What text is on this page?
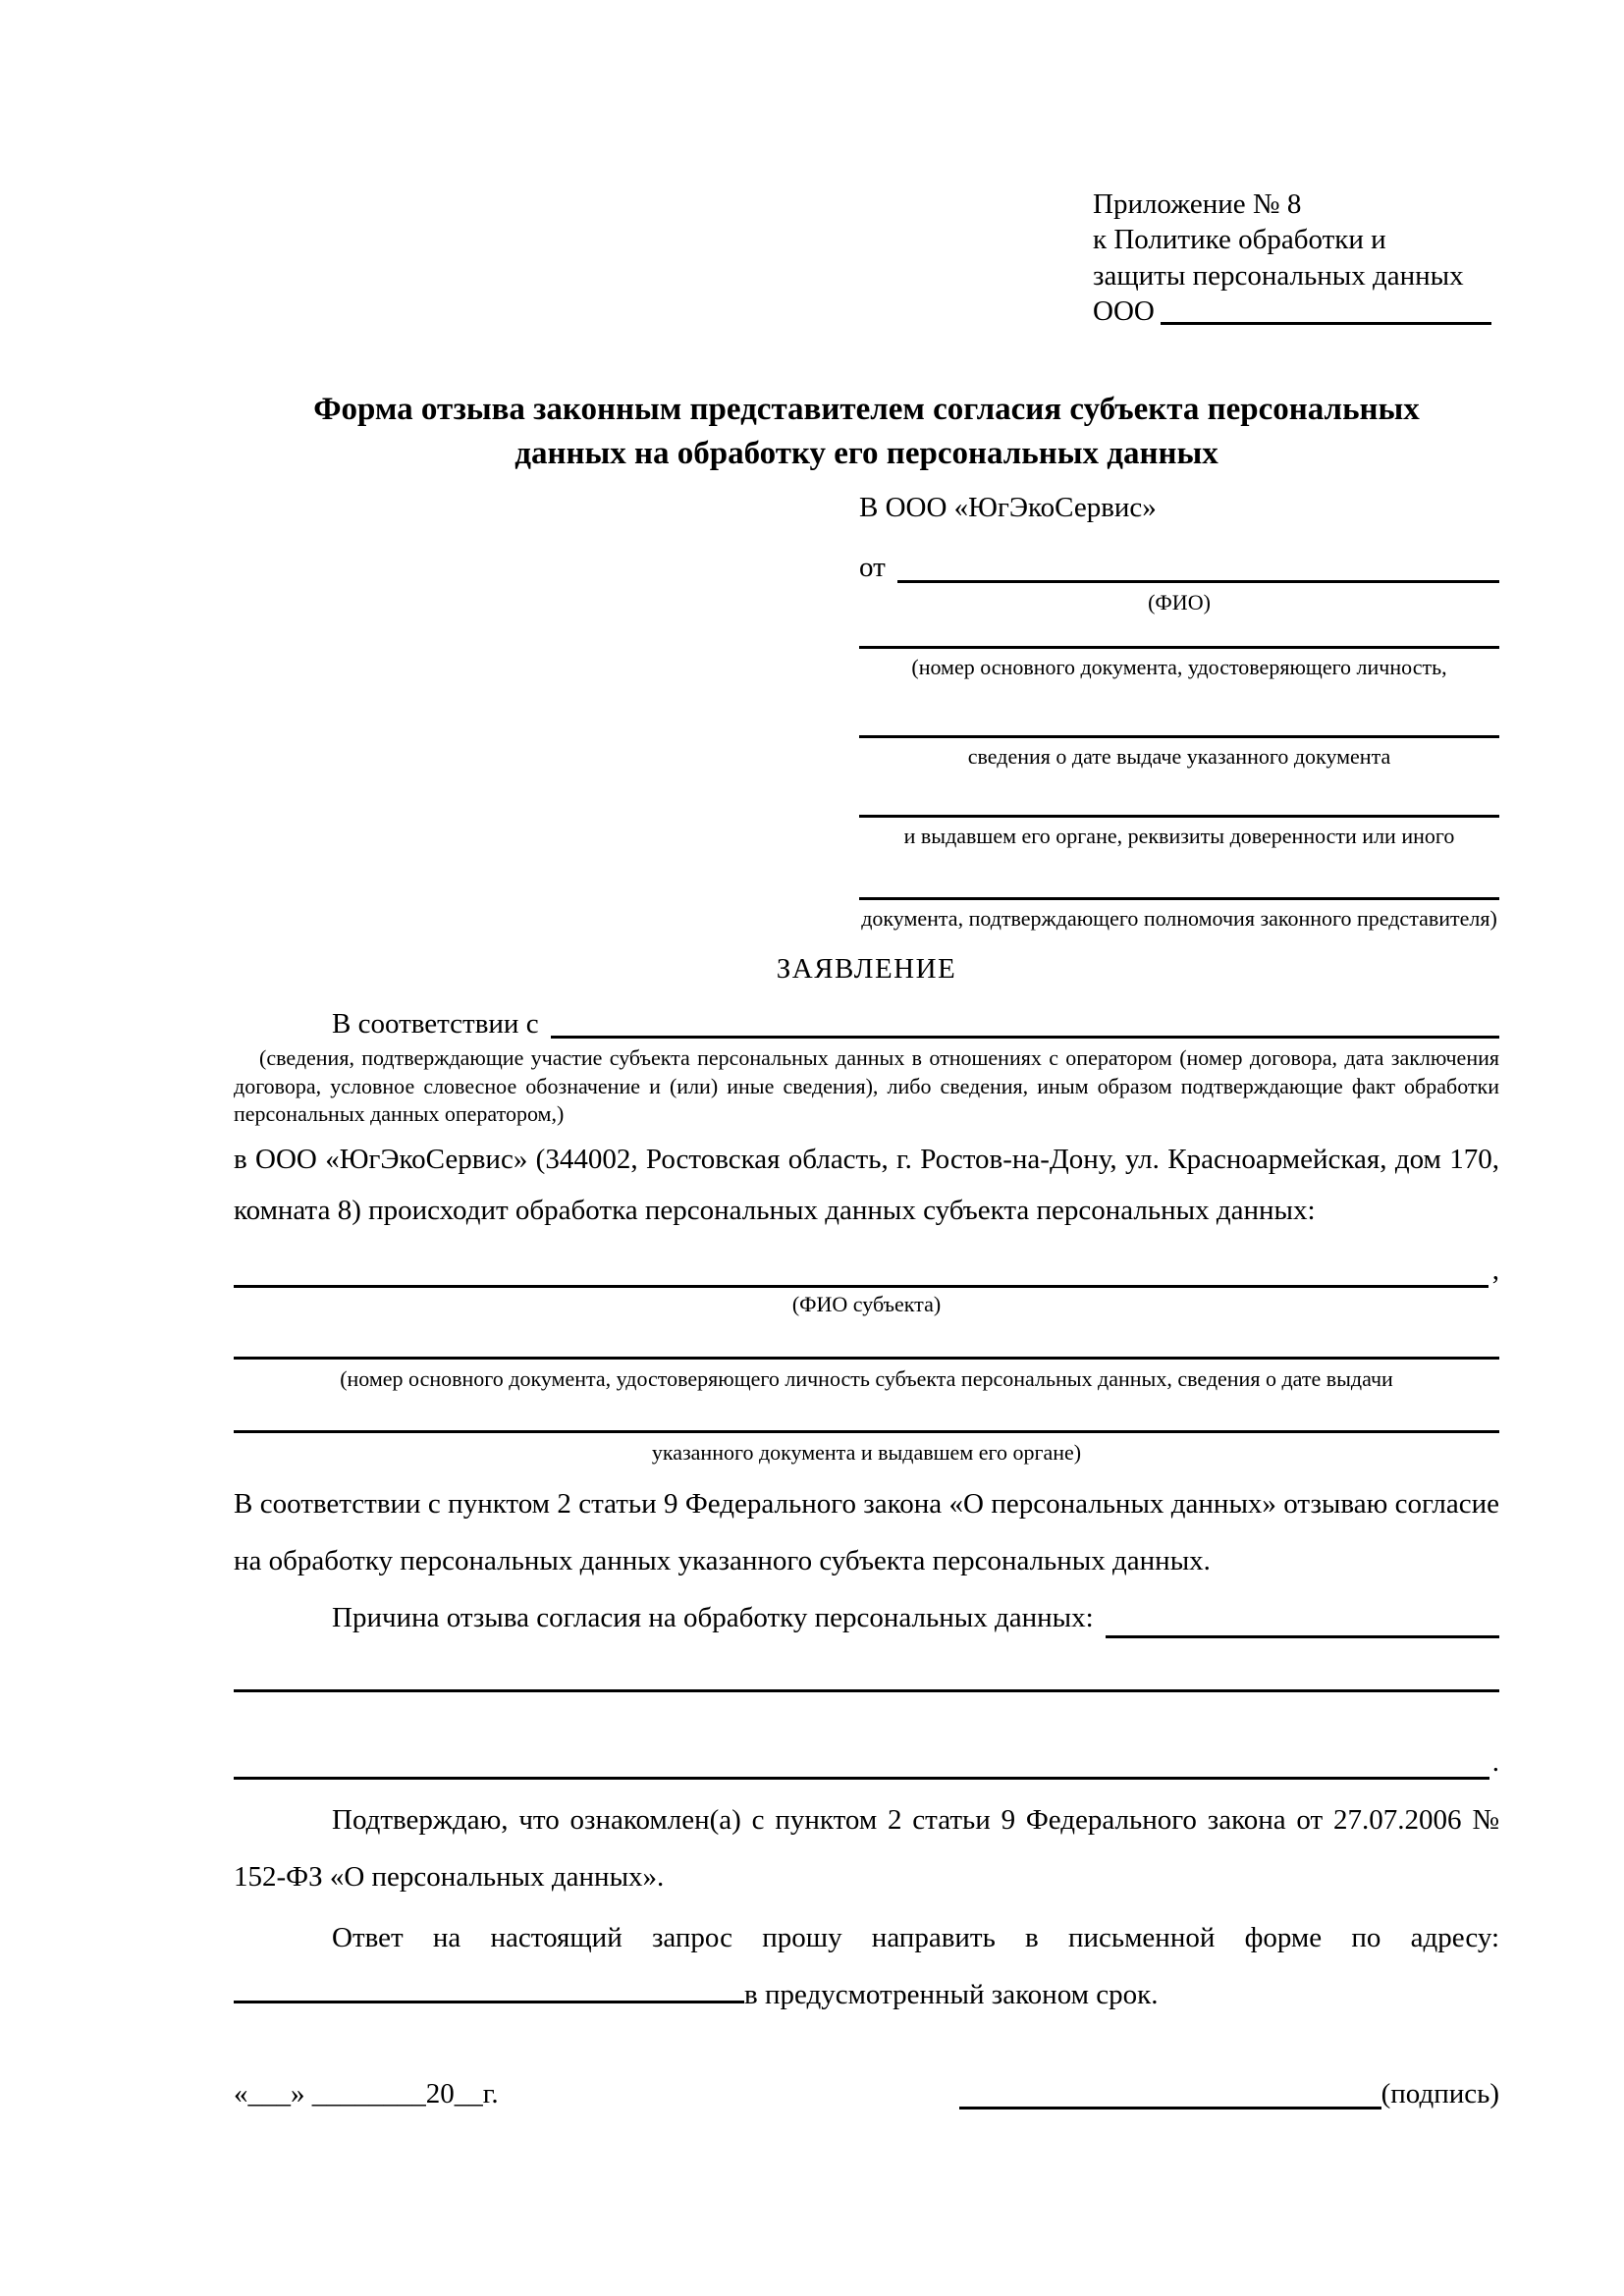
Приложение № 8
к Политике обработки и
защиты персональных данных
ООО
Форма отзыва законным представителем согласия субъекта персональных данных на обработку его персональных данных
В ООО «ЮгЭкоСервис»
от
(ФИО)
(номер основного документа, удостоверяющего личность,
сведения о дате выдаче указанного документа
и выдавшем его органе, реквизиты доверенности или иного
документа, подтверждающего полномочия законного представителя)
ЗАЯВЛЕНИЕ
В соответствии с
(сведения, подтверждающие участие субъекта персональных данных в отношениях с оператором (номер договора, дата заключения договора, условное словесное обозначение и (или) иные сведения), либо сведения, иным образом подтверждающие факт обработки персональных данных оператором,)
в ООО «ЮгЭкоСервис» (344002, Ростовская область, г. Ростов-на-Дону, ул. Красноармейская, дом 170, комната 8) происходит обработка персональных данных субъекта персональных данных:
,
(ФИО субъекта)
(номер основного документа, удостоверяющего личность субъекта персональных данных, сведения о дате выдачи
указанного документа и выдавшем его органе)
В соответствии с пунктом 2 статьи 9 Федерального закона «О персональных данных» отзываю согласие на обработку персональных данных указанного субъекта персональных данных.
Причина отзыва согласия на обработку персональных данных:
.
Подтверждаю, что ознакомлен(а) с пунктом 2 статьи 9 Федерального закона от 27.07.2006 № 152-ФЗ «О персональных данных».
Ответ на настоящий запрос прошу направить в письменной форме по адресу: в предусмотренный законом срок.
«___» ________20__г.	(подпись)
